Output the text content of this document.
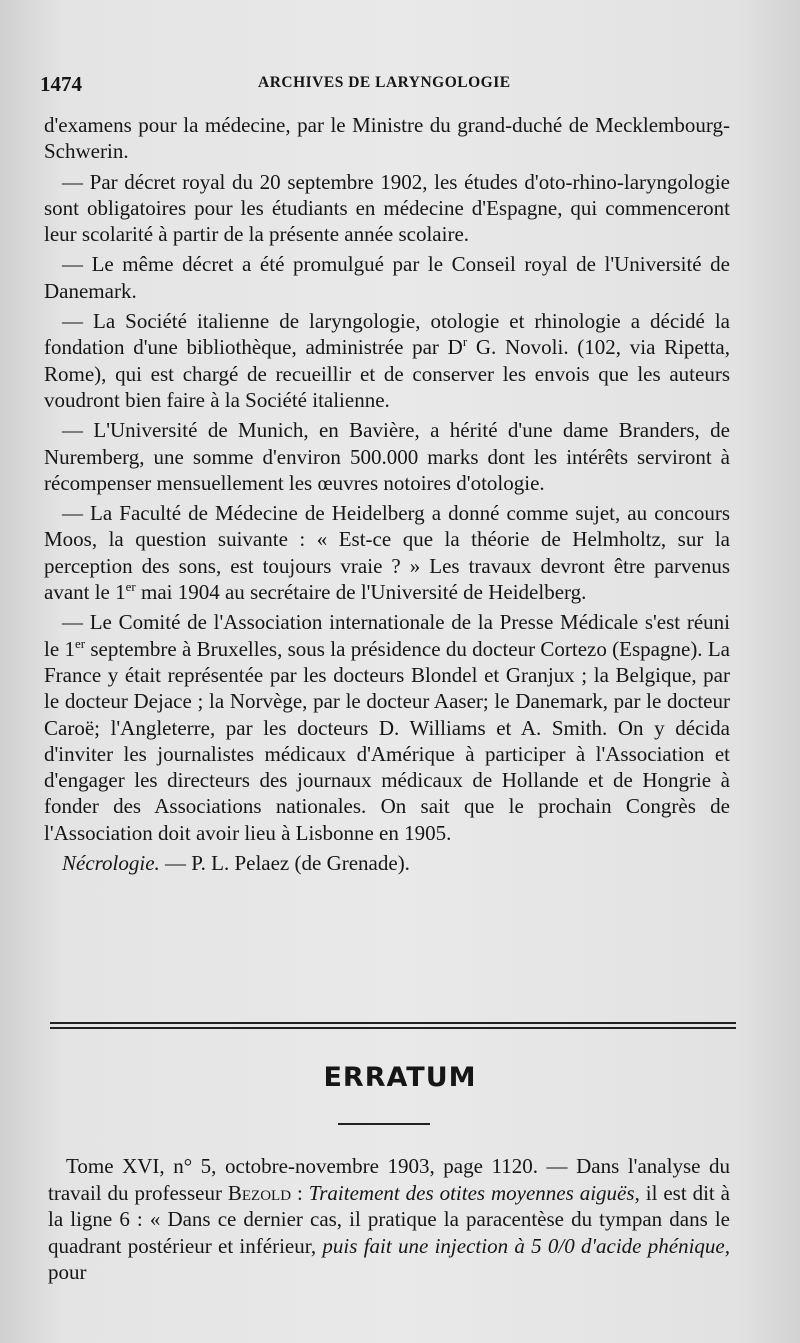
1474	ARCHIVES DE LARYNGOLOGIE

d'examens pour la médecine, par le Ministre du grand-duché de Mecklembourg-Schwerin.

— Par décret royal du 20 septembre 1902, les études d'oto-rhino-laryngologie sont obligatoires pour les étudiants en médecine d'Espagne, qui commenceront leur scolarité à partir de la présente année scolaire.

— Le même décret a été promulgué par le Conseil royal de l'Université de Danemark.

— La Société italienne de laryngologie, otologie et rhinologie a décidé la fondation d'une bibliothèque, administrée par $D^r$ G. Novoli. (102, via Ripetta, Rome), qui est chargé de recueillir et de conserver les envois que les auteurs voudront bien faire à la Société italienne.

— L'Université de Munich, en Bavière, a hérité d'une dame Branders, de Nuremberg, une somme d'environ 500.000 marks dont les intérêts serviront à récompenser mensuellement les œuvres notoires d'otologie.

— La Faculté de Médecine de Heidelberg a donné comme sujet, au concours Moos, la question suivante : « Est-ce que la théorie de Helmholtz, sur la perception des sons, est toujours vraie ? » Les travaux devront être parvenus avant le 1er mai 1904 au secrétaire de l'Université de Heidelberg.

— Le Comité de l'Association internationale de la Presse Médicale s'est réuni le 1er septembre à Bruxelles, sous la présidence du docteur Cortezo (Espagne). La France y était représentée par les docteurs Blondel et Granjux ; la Belgique, par le docteur Dejace ; la Norvège, par le docteur Aaser; le Danemark, par le docteur Caroë; l'Angleterre, par les docteurs D. Williams et A. Smith. On y décida d'inviter les journalistes médicaux d'Amérique à participer à l'Association et d'engager les directeurs des journaux médicaux de Hollande et de Hongrie à fonder des Associations nationales. On sait que le prochain Congrès de l'Association doit avoir lieu à Lisbonne en 1905.

Nécrologie. — P. L. Pelaez (de Grenade).

ERRATUM
Tome XVI, n° 5, octobre-novembre 1903, page 1120. — Dans l'analyse du travail du professeur Bezold : Traitement des otites moyennes aiguës, il est dit à la ligne 6 : « Dans ce dernier cas, il pratique la paracentèse du tympan dans le quadrant postérieur et inférieur, puis fait une injection à 5 0/0 d'acide phénique, pour
